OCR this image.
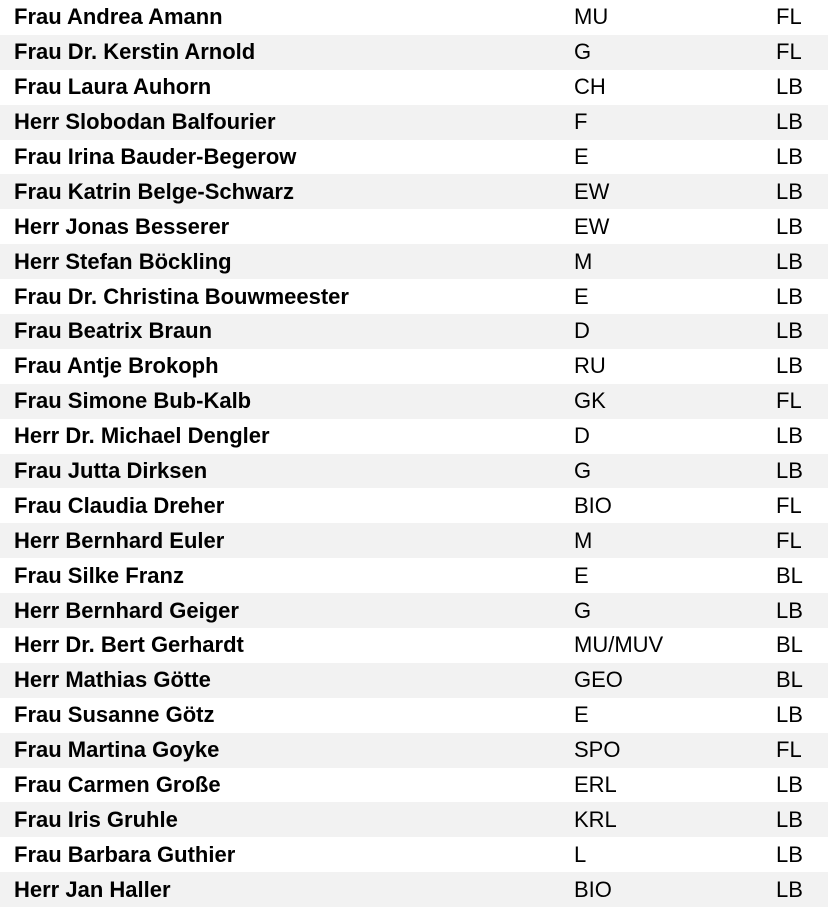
Frau Andrea Amann	MU	FL
Frau Dr. Kerstin Arnold	G	FL
Frau Laura Auhorn	CH	LB
Herr Slobodan Balfourier	F	LB
Frau Irina Bauder-Begerow	E	LB
Frau Katrin Belge-Schwarz	EW	LB
Herr Jonas Besserer	EW	LB
Herr Stefan Böckling	M	LB
Frau Dr. Christina Bouwmeester	E	LB
Frau Beatrix Braun	D	LB
Frau Antje Brokoph	RU	LB
Frau Simone Bub-Kalb	GK	FL
Herr Dr. Michael Dengler	D	LB
Frau Jutta Dirksen	G	LB
Frau Claudia Dreher	BIO	FL
Herr Bernhard Euler	M	FL
Frau Silke Franz	E	BL
Herr Bernhard Geiger	G	LB
Herr Dr. Bert Gerhardt	MU/MUV	BL
Herr Mathias Götte	GEO	BL
Frau Susanne Götz	E	LB
Frau Martina Goyke	SPO	FL
Frau Carmen Große	ERL	LB
Frau Iris Gruhle	KRL	LB
Frau Barbara Guthier	L	LB
Herr Jan Haller	BIO	LB
